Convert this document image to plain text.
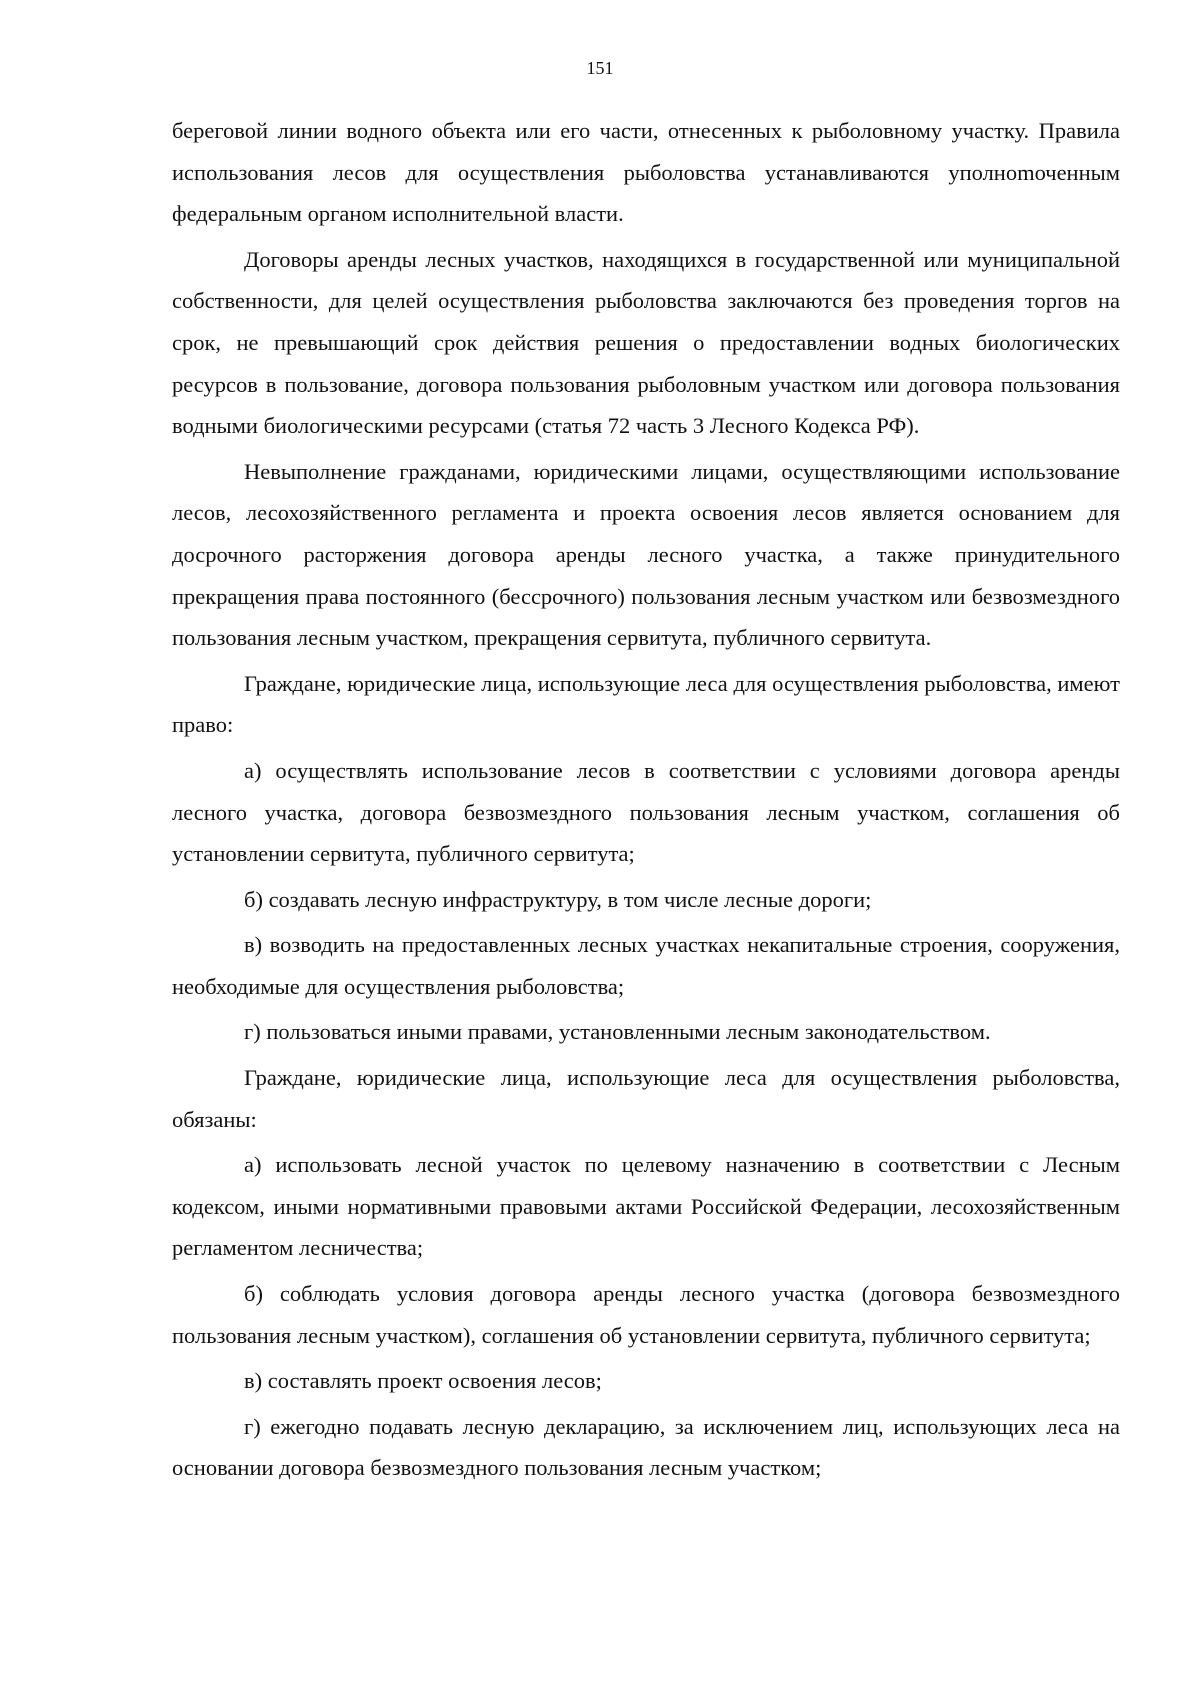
151

береговой линии водного объекта или его части, отнесенных к рыболовному участку. Правила использования лесов для осуществления рыболовства устанавливаются уполноmоченным федеральным органом исполнительной власти.

Договоры аренды лесных участков, находящихся в государственной или муниципальной собственности, для целей осуществления рыболовства заключаются без проведения торгов на срок, не превышающий срок действия решения о предоставлении водных биологических ресурсов в пользование, договора пользования рыболовным участком или договора пользования водными биологическими ресурсами (статья 72 часть 3 Лесного Кодекса РФ).

Невыполнение гражданами, юридическими лицами, осуществляющими использование лесов, лесохозяйственного регламента и проекта освоения лесов является основанием для досрочного расторжения договора аренды лесного участка, а также принудительного прекращения права постоянного (бессрочного) пользования лесным участком или безвозмездного пользования лесным участком, прекращения сервитута, публичного сервитута.

Граждане, юридические лица, использующие леса для осуществления рыболовства, имеют право:

а) осуществлять использование лесов в соответствии с условиями договора аренды лесного участка, договора безвозмездного пользования лесным участком, соглашения об установлении сервитута, публичного сервитута;

б) создавать лесную инфраструктуру, в том числе лесные дороги;

в) возводить на предоставленных лесных участках некапитальные строения, сооружения, необходимые для осуществления рыболовства;

г) пользоваться иными правами, установленными лесным законодательством.

Граждане, юридические лица, использующие леса для осуществления рыболовства, обязаны:

а) использовать лесной участок по целевому назначению в соответствии с Лесным кодексом, иными нормативными правовыми актами Российской Федерации, лесохозяйственным регламентом лесничества;

б) соблюдать условия договора аренды лесного участка (договора безвозмездного пользования лесным участком), соглашения об установлении сервитута, публичного сервитута;

в) составлять проект освоения лесов;

г) ежегодно подавать лесную декларацию, за исключением лиц, использующих леса на основании договора безвозмездного пользования лесным участком;
